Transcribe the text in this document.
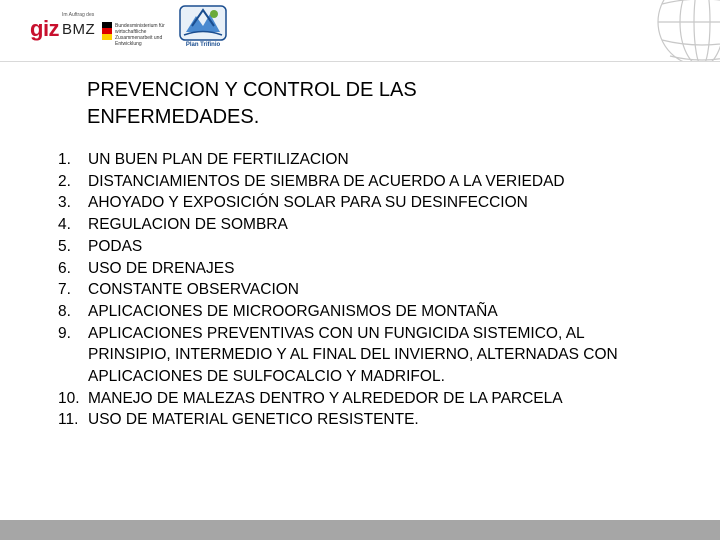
giz
Im Auftrag des
BMZ	Bundesministerium für wirtschaftliche Zusammenarbeit und Entwicklung	Plan Trifinio
PREVENCION Y CONTROL DE LAS
ENFERMEDADES.
1.	UN BUEN PLAN DE FERTILIZACION
2.	DISTANCIAMIENTOS DE SIEMBRA DE ACUERDO A LA VERIEDAD
3.	AHOYADO Y EXPOSICIÓN SOLAR PARA SU DESINFECCION
4.	REGULACION DE SOMBRA
5.	PODAS
6.	USO DE DRENAJES
7.	CONSTANTE OBSERVACION
8.	APLICACIONES DE MICROORGANISMOS DE MONTAÑA
9.	APLICACIONES PREVENTIVAS CON UN FUNGICIDA SISTEMICO, AL PRINSIPIO, INTERMEDIO Y AL FINAL DEL INVIERNO, ALTERNADAS CON APLICACIONES DE SULFOCALCIO Y MADRIFOL.
10. MANEJO DE MALEZAS DENTRO Y ALREDEDOR DE LA PARCELA
11. USO DE MATERIAL GENETICO RESISTENTE.
